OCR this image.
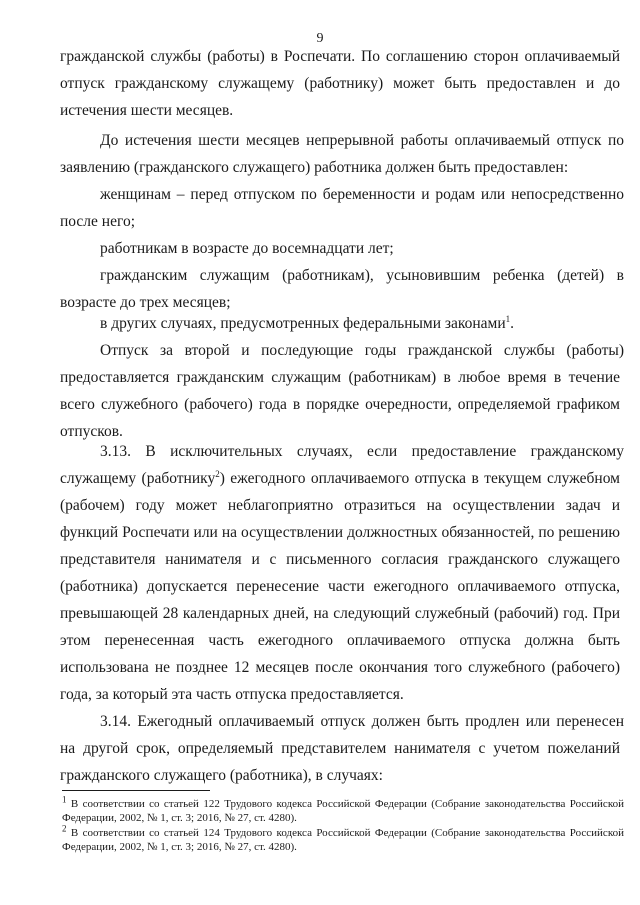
9
гражданской службы (работы) в Роспечати. По соглашению сторон оплачиваемый
отпуск гражданскому служащему (работнику) может быть предоставлен и до
истечения шести месяцев.
До истечения шести месяцев непрерывной работы оплачиваемый отпуск по
заявлению (гражданского служащего) работника должен быть предоставлен:
женщинам – перед отпуском по беременности и родам или непосредственно
после него;
работникам в возрасте до восемнадцати лет;
гражданским служащим (работникам), усыновившим ребенка (детей) в
возрасте до трех месяцев;
в других случаях, предусмотренных федеральными законами$^1$.
Отпуск за второй и последующие годы гражданской службы (работы)
предоставляется гражданским служащим (работникам) в любое время в течение
всего служебного (рабочего) года в порядке очередности, определяемой графиком
отпусков.
3.13. В исключительных случаях, если предоставление гражданскому
служащему (работнику$^2$) ежегодного оплачиваемого отпуска в текущем служебном
(рабочем) году может неблагоприятно отразиться на осуществлении задач и
функций Роспечати или на осуществлении должностных обязанностей, по решению
представителя нанимателя и с письменного согласия гражданского служащего
(работника) допускается перенесение части ежегодного оплачиваемого отпуска,
превышающей 28 календарных дней, на следующий служебный (рабочий) год. При
этом перенесенная часть ежегодного оплачиваемого отпуска должна быть
использована не позднее 12 месяцев после окончания того служебного (рабочего)
года, за который эта часть отпуска предоставляется.
3.14. Ежегодный оплачиваемый отпуск должен быть продлен или перенесен
на другой срок, определяемый представителем нанимателя с учетом пожеланий
гражданского служащего (работника), в случаях:
$^1$ В соответствии со статьей 122 Трудового кодекса Российской Федерации (Собрание законодательства Российской
Федерации, 2002, № 1, ст. 3; 2016, № 27, ст. 4280).
$^2$ В соответствии со статьей 124 Трудового кодекса Российской Федерации (Собрание законодательства Российской
Федерации, 2002, № 1, ст. 3; 2016, № 27, ст. 4280).
